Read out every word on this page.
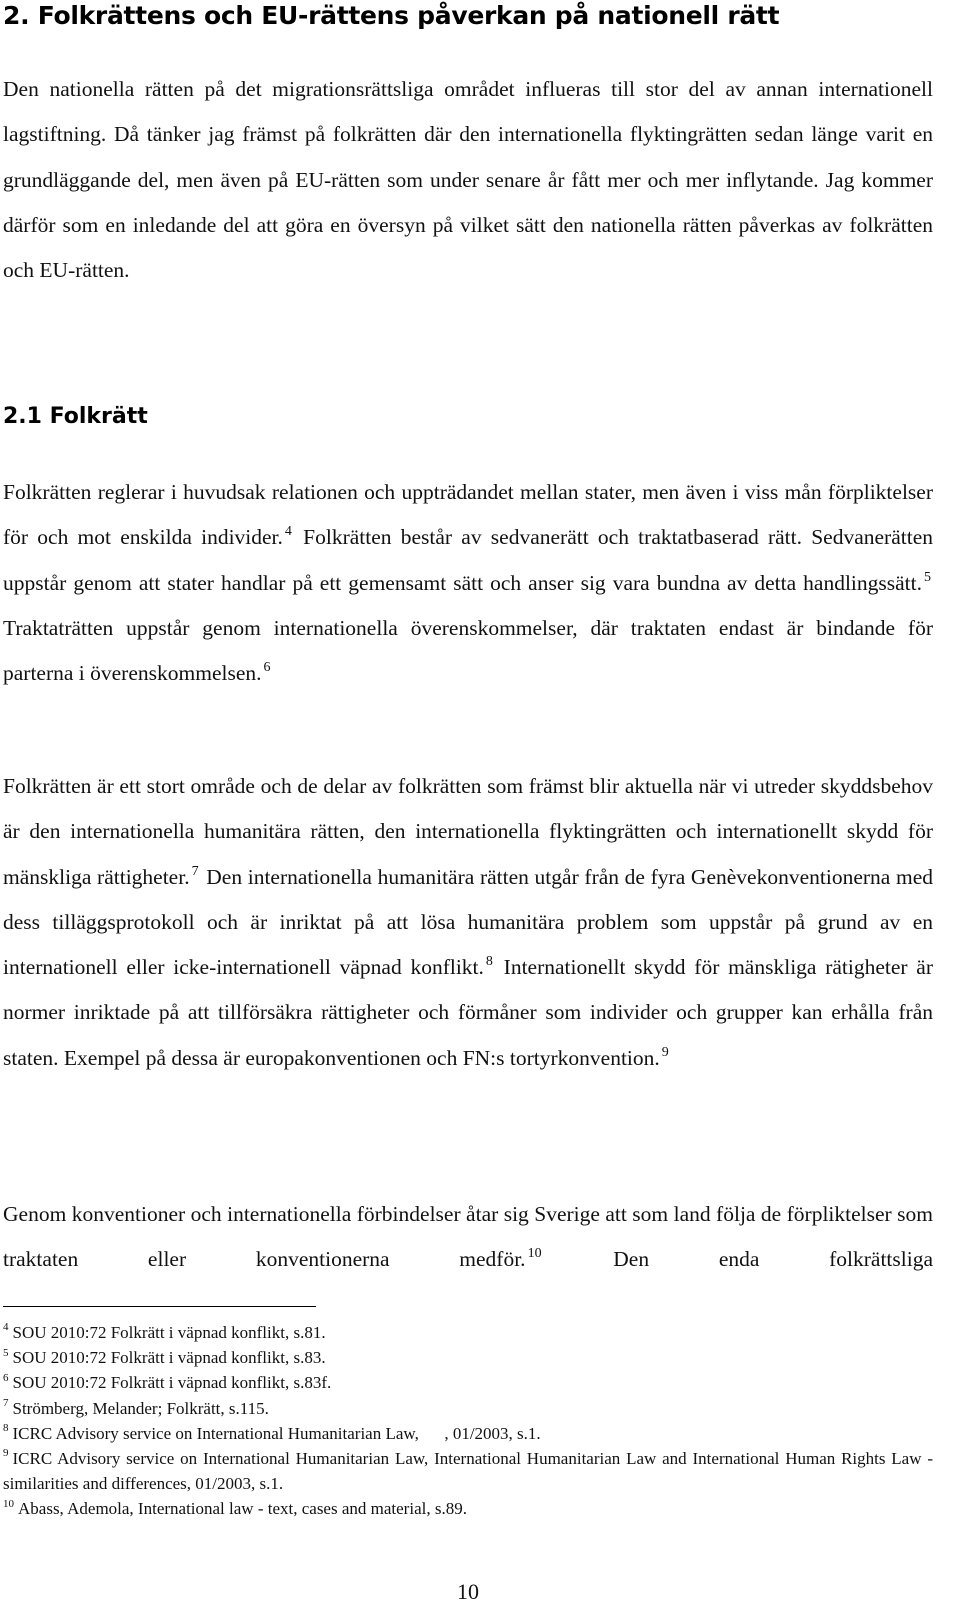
2. Folkrättens och EU-rättens påverkan på nationell rätt

Den nationella rätten på det migrationsrättsliga området influeras till stor del av annan internationell lagstiftning. Då tänker jag främst på folkrätten där den internationella flyktingrätten sedan länge varit en grundläggande del, men även på EU-rätten som under senare år fått mer och mer inflytande. Jag kommer därför som en inledande del att göra en översyn på vilket sätt den nationella rätten påverkas av folkrätten och EU-rätten.

2.1 Folkrätt

Folkrätten reglerar i huvudsak relationen och uppträdandet mellan stater, men även i viss mån förpliktelser för och mot enskilda individer. $^4$ Folkrätten består av sedvanerätt och traktatbaserad rätt. Sedvanerätten uppstår genom att stater handlar på ett gemensamt sätt och anser sig vara bundna av detta handlingssätt. $^5$ Traktaträtten uppstår genom internationella överenskommelser, där traktaten endast är bindande för parterna i överenskommelsen. $^6$

Folkrätten är ett stort område och de delar av folkrätten som främst blir aktuella när vi utreder skyddsbehov är den internationella humanitära rätten, den internationella flyktingrätten och internationellt skydd för mänskliga rättigheter. $^7$ Den internationella humanitära rätten utgår från de fyra Genèvekonventionerna med dess tilläggsprotokoll och är inriktat på att lösa humanitära problem som uppstår på grund av en internationell eller icke-internationell väpnad konflikt. $^8$ Internationellt skydd för mänskliga rätigheter är normer inriktade på att tillförsäkra rättigheter och förmåner som individer och grupper kan erhålla från staten. Exempel på dessa är europakonventionen och FN:s tortyrkonvention. $^9$

Genom konventioner och internationella förbindelser åtar sig Sverige att som land följa de förpliktelser som traktaten eller konventionerna medför. $^{10}$	Den enda folkrättsliga

$^4$ SOU 2010:72 Folkrätt i väpnad konflikt, s.81.

$^5$ SOU 2010:72 Folkrätt i väpnad konflikt, s.83.

$^6$ SOU 2010:72 Folkrätt i väpnad konflikt, s.83f.

$^7$ Strömberg, Melander; Folkrätt, s.115.

$^8$ ICRC Advisory service on International Humanitarian Law,      , 01/2003, s.1.

$^9$ ICRC Advisory service on International Humanitarian Law, International Humanitarian Law and International Human Rights Law - similarities and differences, 01/2003, s.1.

$^{10}$ Abass, Ademola, International law - text, cases and material, s.89.

10
